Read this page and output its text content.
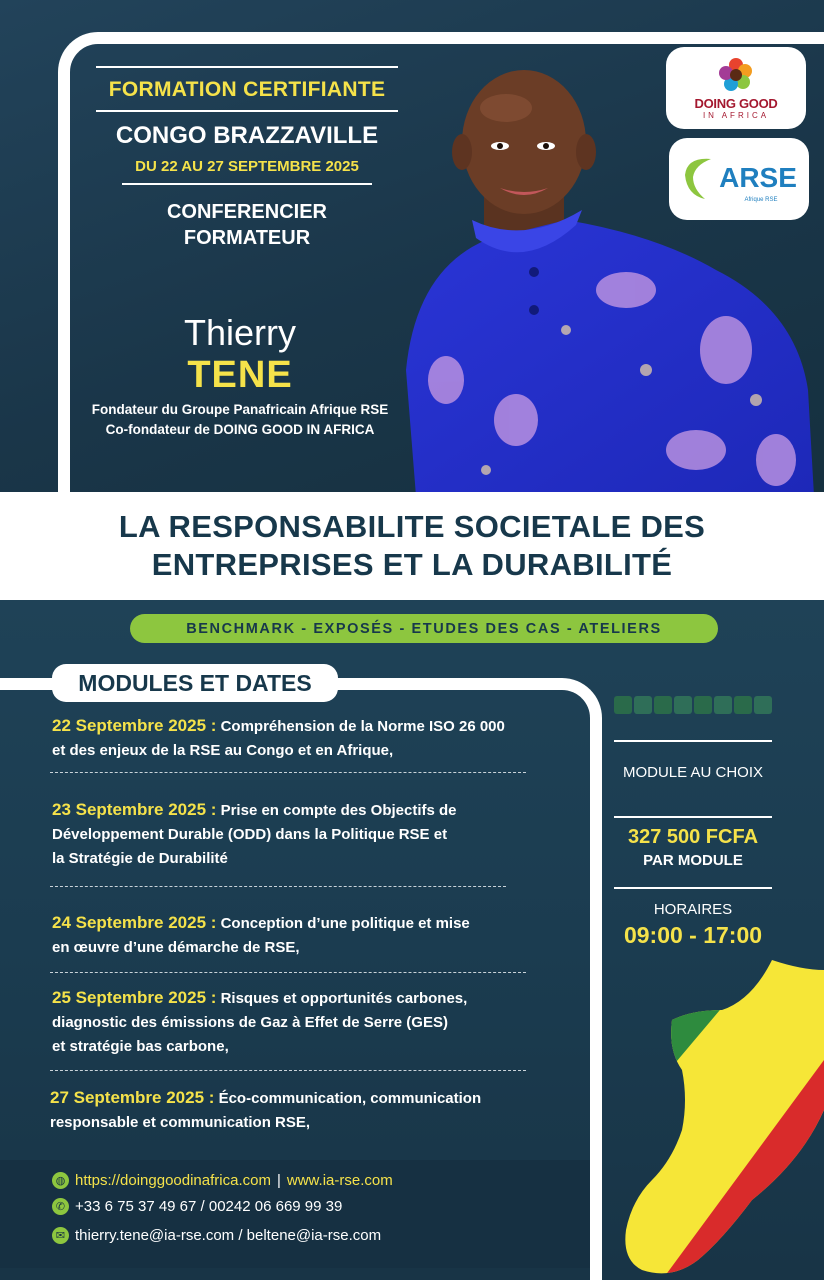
FORMATION CERTIFIANTE
CONGO BRAZZAVILLE
DU 22 AU 27 SEPTEMBRE 2025
CONFERENCIER
FORMATEUR
Thierry
TENE
Fondateur du Groupe Panafricain Afrique RSE
Co-fondateur de DOING GOOD IN AFRICA
DOING GOOD
IN AFRICA
ARSE
Afrique RSE
LA RESPONSABILITE SOCIETALE DES
ENTREPRISES ET LA DURABILITÉ
BENCHMARK - EXPOSÉS - ETUDES DES CAS - ATELIERS
MODULES ET DATES
22 Septembre 2025 : Compréhension de la Norme ISO 26 000
et des enjeux de la RSE au Congo et en Afrique,
23 Septembre 2025 : Prise en compte des Objectifs de
Développement Durable (ODD) dans la Politique RSE et
la Stratégie de Durabilité
24 Septembre 2025 : Conception d’une politique et mise
en œuvre d’une démarche de RSE,
25 Septembre 2025 : Risques et opportunités carbones,
diagnostic des émissions de Gaz à Effet de Serre (GES)
et stratégie bas carbone,
27 Septembre 2025 : Éco-communication, communication
responsable et communication RSE,
MODULE AU CHOIX
327 500 FCFA
PAR MODULE
HORAIRES
09:00 - 17:00
◍ https://doinggoodinafrica.com | www.ia-rse.com
✆ +33 6 75 37 49 67 / 00242 06 669 99 39
✉ thierry.tene@ia-rse.com / beltene@ia-rse.com
